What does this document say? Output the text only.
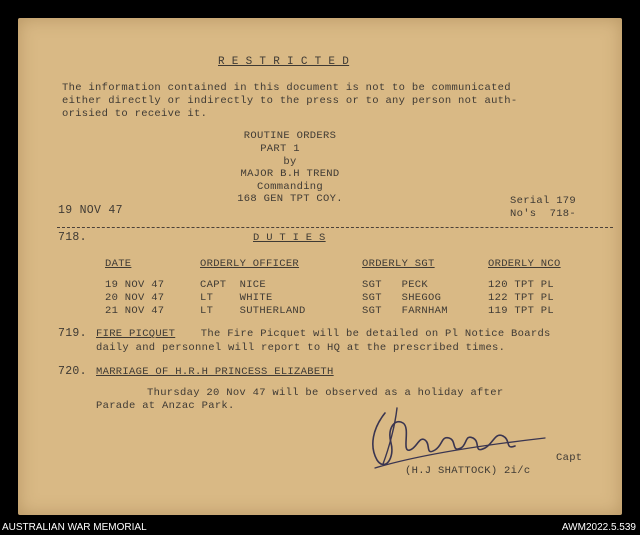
R E S T R I C T E D
The information contained in this document is not to be communicated
either directly or indirectly to the press or to any person not auth-
orisied to receive it.
ROUTINE ORDERS
PART 1
by
MAJOR B.H TREND
Commanding
168 GEN TPT COY.
19 NOV 47
Serial 179
No's  718-
718.	D U T I E S
DATE	ORDERLY OFFICER	ORDERLY SGT	ORDERLY NCO
19 NOV 47	CAPT  NICE	SGT   PECK	120 TPT PL
20 NOV 47	LT    WHITE	SGT   SHEGOG	122 TPT PL
21 NOV 47	LT    SUTHERLAND	SGT   FARNHAM	119 TPT PL
719. FIRE PICQUET The Fire Picquet will be detailed on Pl Notice Boards
daily and personnel will report to HQ at the prescribed times.
720. MARRIAGE OF H.R.H PRINCESS ELIZABETH
Thursday 20 Nov 47 will be observed as a holiday after
Parade at Anzac Park.
Capt
(H.J SHATTOCK) 2i/c
AUSTRALIAN WAR MEMORIAL	AWM2022.5.539
